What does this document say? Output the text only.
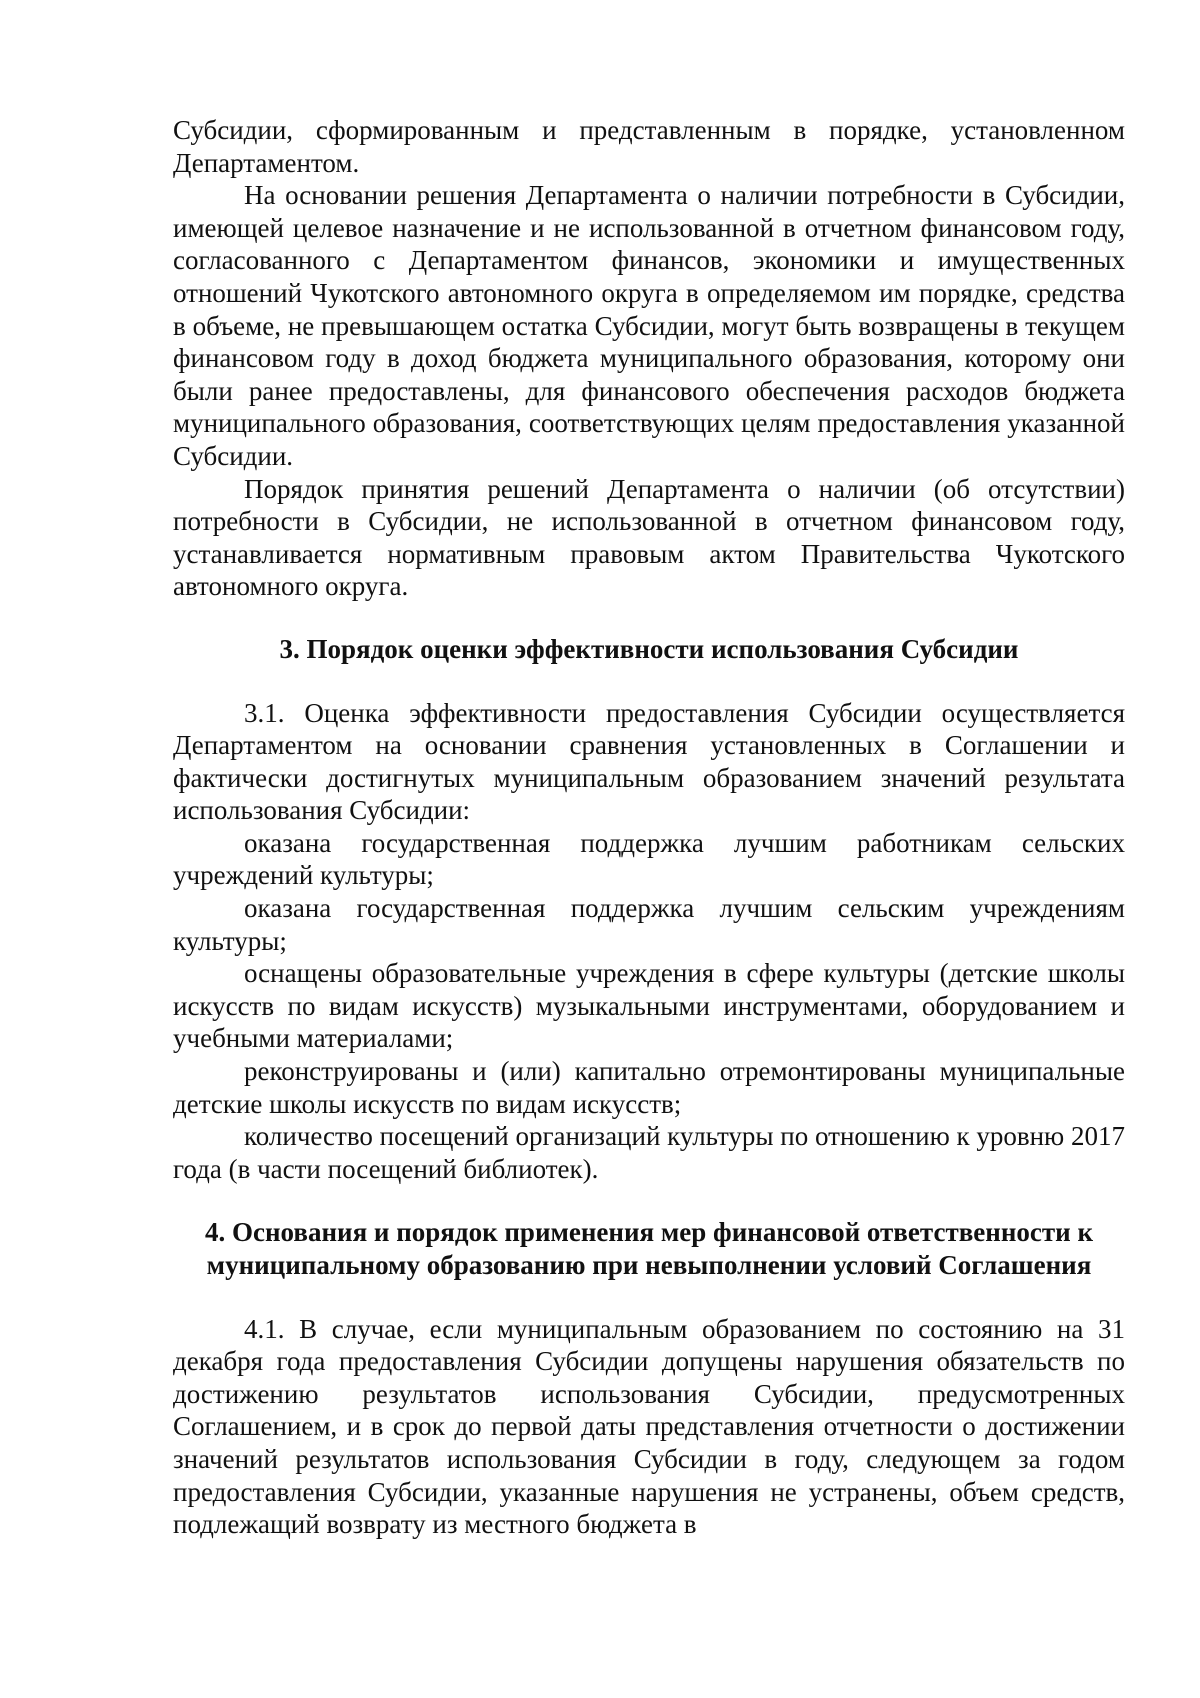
Субсидии, сформированным и представленным в порядке, установленном Департаментом.

На основании решения Департамента о наличии потребности в Субсидии, имеющей целевое назначение и не использованной в отчетном финансовом году, согласованного с Департаментом финансов, экономики и имущественных отношений Чукотского автономного округа в определяемом им порядке, средства в объеме, не превышающем остатка Субсидии, могут быть возвращены в текущем финансовом году в доход бюджета муниципального образования, которому они были ранее предоставлены, для финансового обеспечения расходов бюджета муниципального образования, соответствующих целям предоставления указанной Субсидии.

Порядок принятия решений Департамента о наличии (об отсутствии) потребности в Субсидии, не использованной в отчетном финансовом году, устанавливается нормативным правовым актом Правительства Чукотского автономного округа.

3. Порядок оценки эффективности использования Субсидии

3.1. Оценка эффективности предоставления Субсидии осуществляется Департаментом на основании сравнения установленных в Соглашении и фактически достигнутых муниципальным образованием значений результата использования Субсидии:

оказана государственная поддержка лучшим работникам сельских учреждений культуры;

оказана государственная поддержка лучшим сельским учреждениям культуры;

оснащены образовательные учреждения в сфере культуры (детские школы искусств по видам искусств) музыкальными инструментами, оборудованием и учебными материалами;

реконструированы и (или) капитально отремонтированы муниципальные детские школы искусств по видам искусств;

количество посещений организаций культуры по отношению к уровню 2017 года (в части посещений библиотек).

4. Основания и порядок применения мер финансовой ответственности к
муниципальному образованию при невыполнении условий Соглашения

4.1. В случае, если муниципальным образованием по состоянию на 31 декабря года предоставления Субсидии допущены нарушения обязательств по достижению результатов использования Субсидии, предусмотренных Соглашением, и в срок до первой даты представления отчетности о достижении значений результатов использования Субсидии в году, следующем за годом предоставления Субсидии, указанные нарушения не устранены, объем средств, подлежащий возврату из местного бюджета в
